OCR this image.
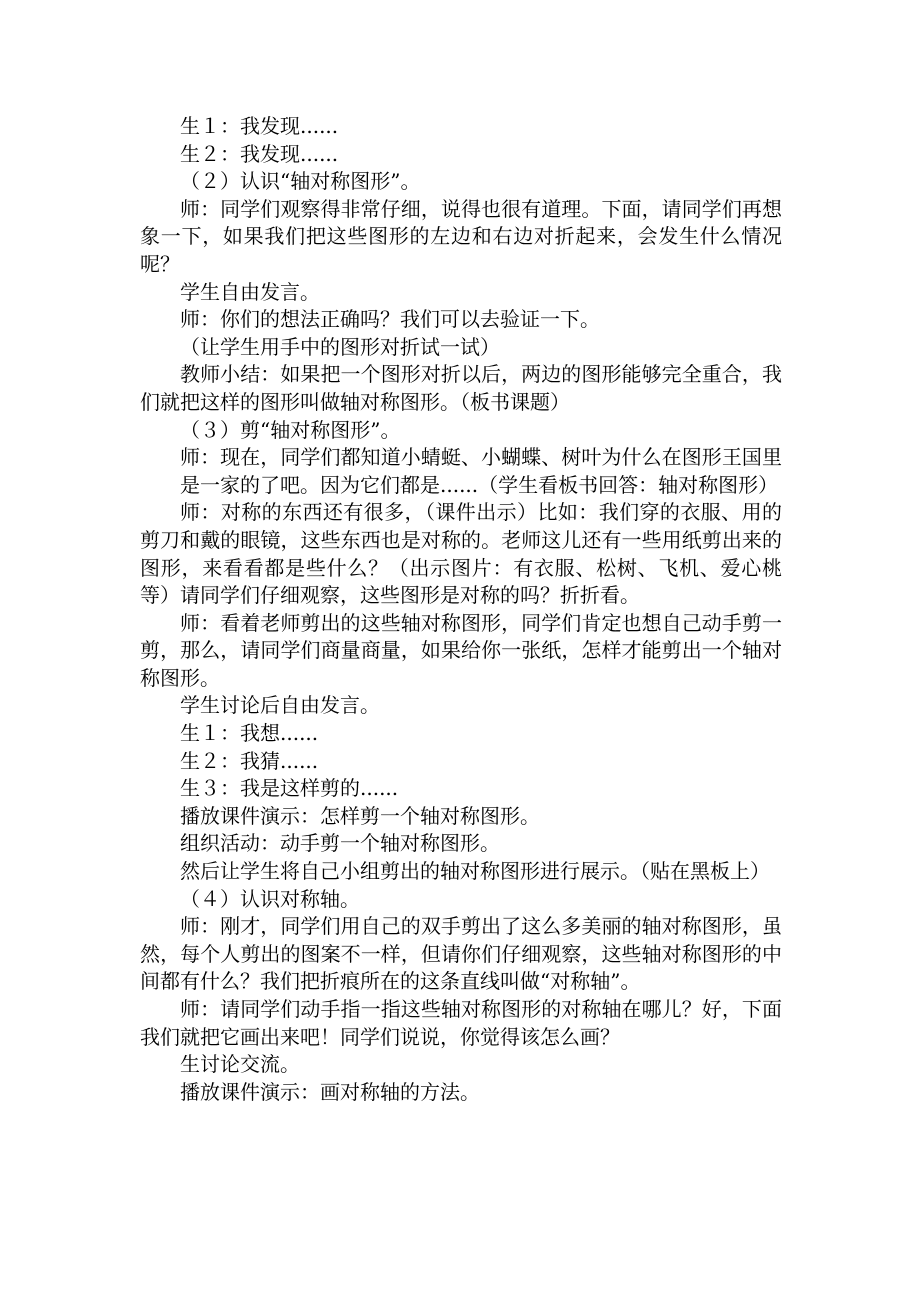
生１：我发现......

生２：我发现......

（２）认识“轴对称图形”。

师：同学们观察得非常仔细，说得也很有道理。下面，请同学们再想象一下，如果我们把这些图形的左边和右边对折起来，会发生什么情况呢？

学生自由发言。

师：你们的想法正确吗？我们可以去验证一下。

（让学生用手中的图形对折试一试）

教师小结：如果把一个图形对折以后，两边的图形能够完全重合，我们就把这样的图形叫做轴对称图形。（板书课题）

（３）剪“轴对称图形”。

师：现在，同学们都知道小蜻蜓、小蝴蝶、树叶为什么在图形王国里是一家的了吧。因为它们都是......（学生看板书回答：轴对称图形）

师：对称的东西还有很多，（课件出示）比如：我们穿的衣服、用的剪刀和戴的眼镜，这些东西也是对称的。老师这儿还有一些用纸剪出来的图形，来看看都是些什么？（出示图片：有衣服、松树、飞机、爱心桃等）请同学们仔细观察，这些图形是对称的吗？折折看。

师：看着老师剪出的这些轴对称图形，同学们肯定也想自己动手剪一剪，那么，请同学们商量商量，如果给你一张纸，怎样才能剪出一个轴对称图形。

学生讨论后自由发言。

生１：我想......

生２：我猜......

生３：我是这样剪的......

播放课件演示：怎样剪一个轴对称图形。

组织活动：动手剪一个轴对称图形。

然后让学生将自己小组剪出的轴对称图形进行展示。（贴在黑板上）

（４）认识对称轴。

师：刚才，同学们用自己的双手剪出了这么多美丽的轴对称图形，虽然，每个人剪出的图案不一样，但请你们仔细观察，这些轴对称图形的中间都有什么？我们把折痕所在的这条直线叫做“对称轴”。

师：请同学们动手指一指这些轴对称图形的对称轴在哪儿？好，下面我们就把它画出来吧！同学们说说，你觉得该怎么画？

生讨论交流。

播放课件演示：画对称轴的方法。
